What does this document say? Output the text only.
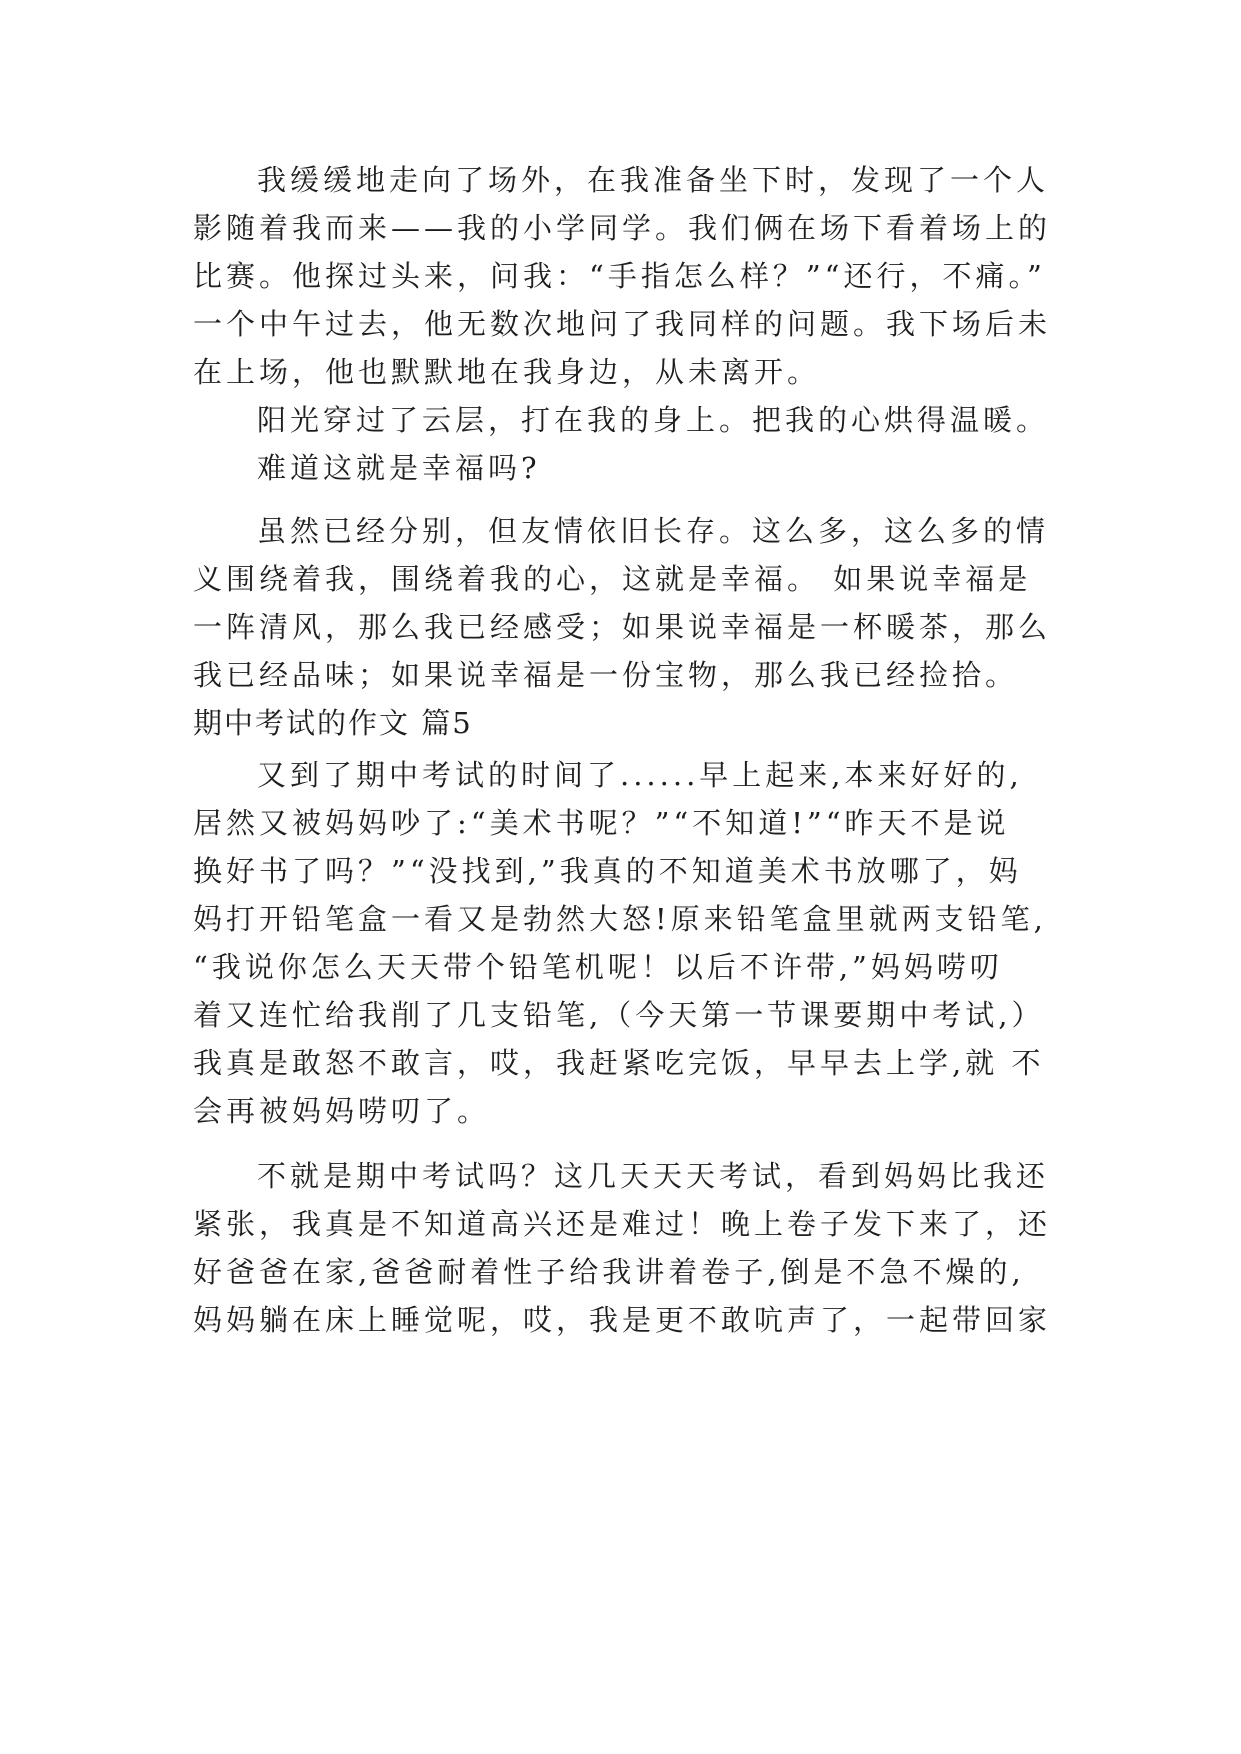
我缓缓地走向了场外，在我准备坐下时，发现了一个人
影随着我而来——我的小学同学。我们俩在场下看着场上的
比赛。他探过头来，问我：“手指怎么样？”“还行，不痛。”
一个中午过去，他无数次地问了我同样的问题。我下场后未
在上场，他也默默地在我身边，从未离开。
阳光穿过了云层，打在我的身上。把我的心烘得温暖。
难道这就是幸福吗?
虽然已经分别，但友情依旧长存。这么多，这么多的情
义围绕着我，围绕着我的心，这就是幸福。 如果说幸福是
一阵清风，那么我已经感受；如果说幸福是一杯暖茶，那么
我已经品味；如果说幸福是一份宝物，那么我已经捡拾。
期中考试的作文 篇5
又到了期中考试的时间了......早上起来,本来好好的,
居然又被妈妈吵了:“美术书呢？”“不知道!”“昨天不是说
换好书了吗？”“没找到,”我真的不知道美术书放哪了，妈
妈打开铅笔盒一看又是勃然大怒!原来铅笔盒里就两支铅笔,
“我说你怎么天天带个铅笔机呢！以后不许带,”妈妈唠叨
着又连忙给我削了几支铅笔,（今天第一节课要期中考试,）
我真是敢怒不敢言，哎，我赶紧吃完饭，早早去上学,就 不
会再被妈妈唠叨了。
不就是期中考试吗？这几天天天考试，看到妈妈比我还
紧张，我真是不知道高兴还是难过！晚上卷子发下来了，还
好爸爸在家,爸爸耐着性子给我讲着卷子,倒是不急不燥的,
妈妈躺在床上睡觉呢，哎，我是更不敢吭声了，一起带回家
